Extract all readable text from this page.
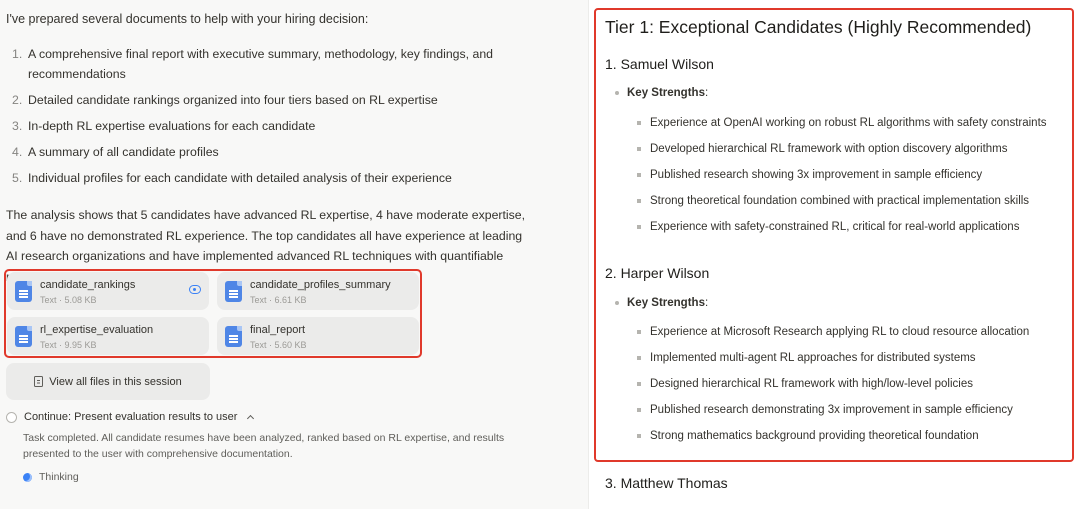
I've prepared several documents to help with your hiring decision:
1. A comprehensive final report with executive summary, methodology, key findings, and recommendations
2. Detailed candidate rankings organized into four tiers based on RL expertise
3. In-depth RL expertise evaluations for each candidate
4. A summary of all candidate profiles
5. Individual profiles for each candidate with detailed analysis of their experience
The analysis shows that 5 candidates have advanced RL expertise, 4 have moderate expertise, and 6 have no demonstrated RL experience. The top candidates all have experience at leading AI research organizations and have implemented advanced RL techniques with quantifiable
candidate_rankings
Text · 5.08 KB
candidate_profiles_summary
Text · 6.61 KB
rl_expertise_evaluation
Text · 9.95 KB
final_report
Text · 5.60 KB
View all files in this session
Continue: Present evaluation results to user
Task completed. All candidate resumes have been analyzed, ranked based on RL expertise, and results presented to the user with comprehensive documentation.
Thinking
Tier 1: Exceptional Candidates (Highly Recommended)
1. Samuel Wilson
Key Strengths :
Experience at OpenAI working on robust RL algorithms with safety constraints
Developed hierarchical RL framework with option discovery algorithms
Published research showing 3x improvement in sample efficiency
Strong theoretical foundation combined with practical implementation skills
Experience with safety-constrained RL, critical for real-world applications
2. Harper Wilson
Key Strengths :
Experience at Microsoft Research applying RL to cloud resource allocation
Implemented multi-agent RL approaches for distributed systems
Designed hierarchical RL framework with high/low-level policies
Published research demonstrating 3x improvement in sample efficiency
Strong mathematics background providing theoretical foundation
3. Matthew Thomas
